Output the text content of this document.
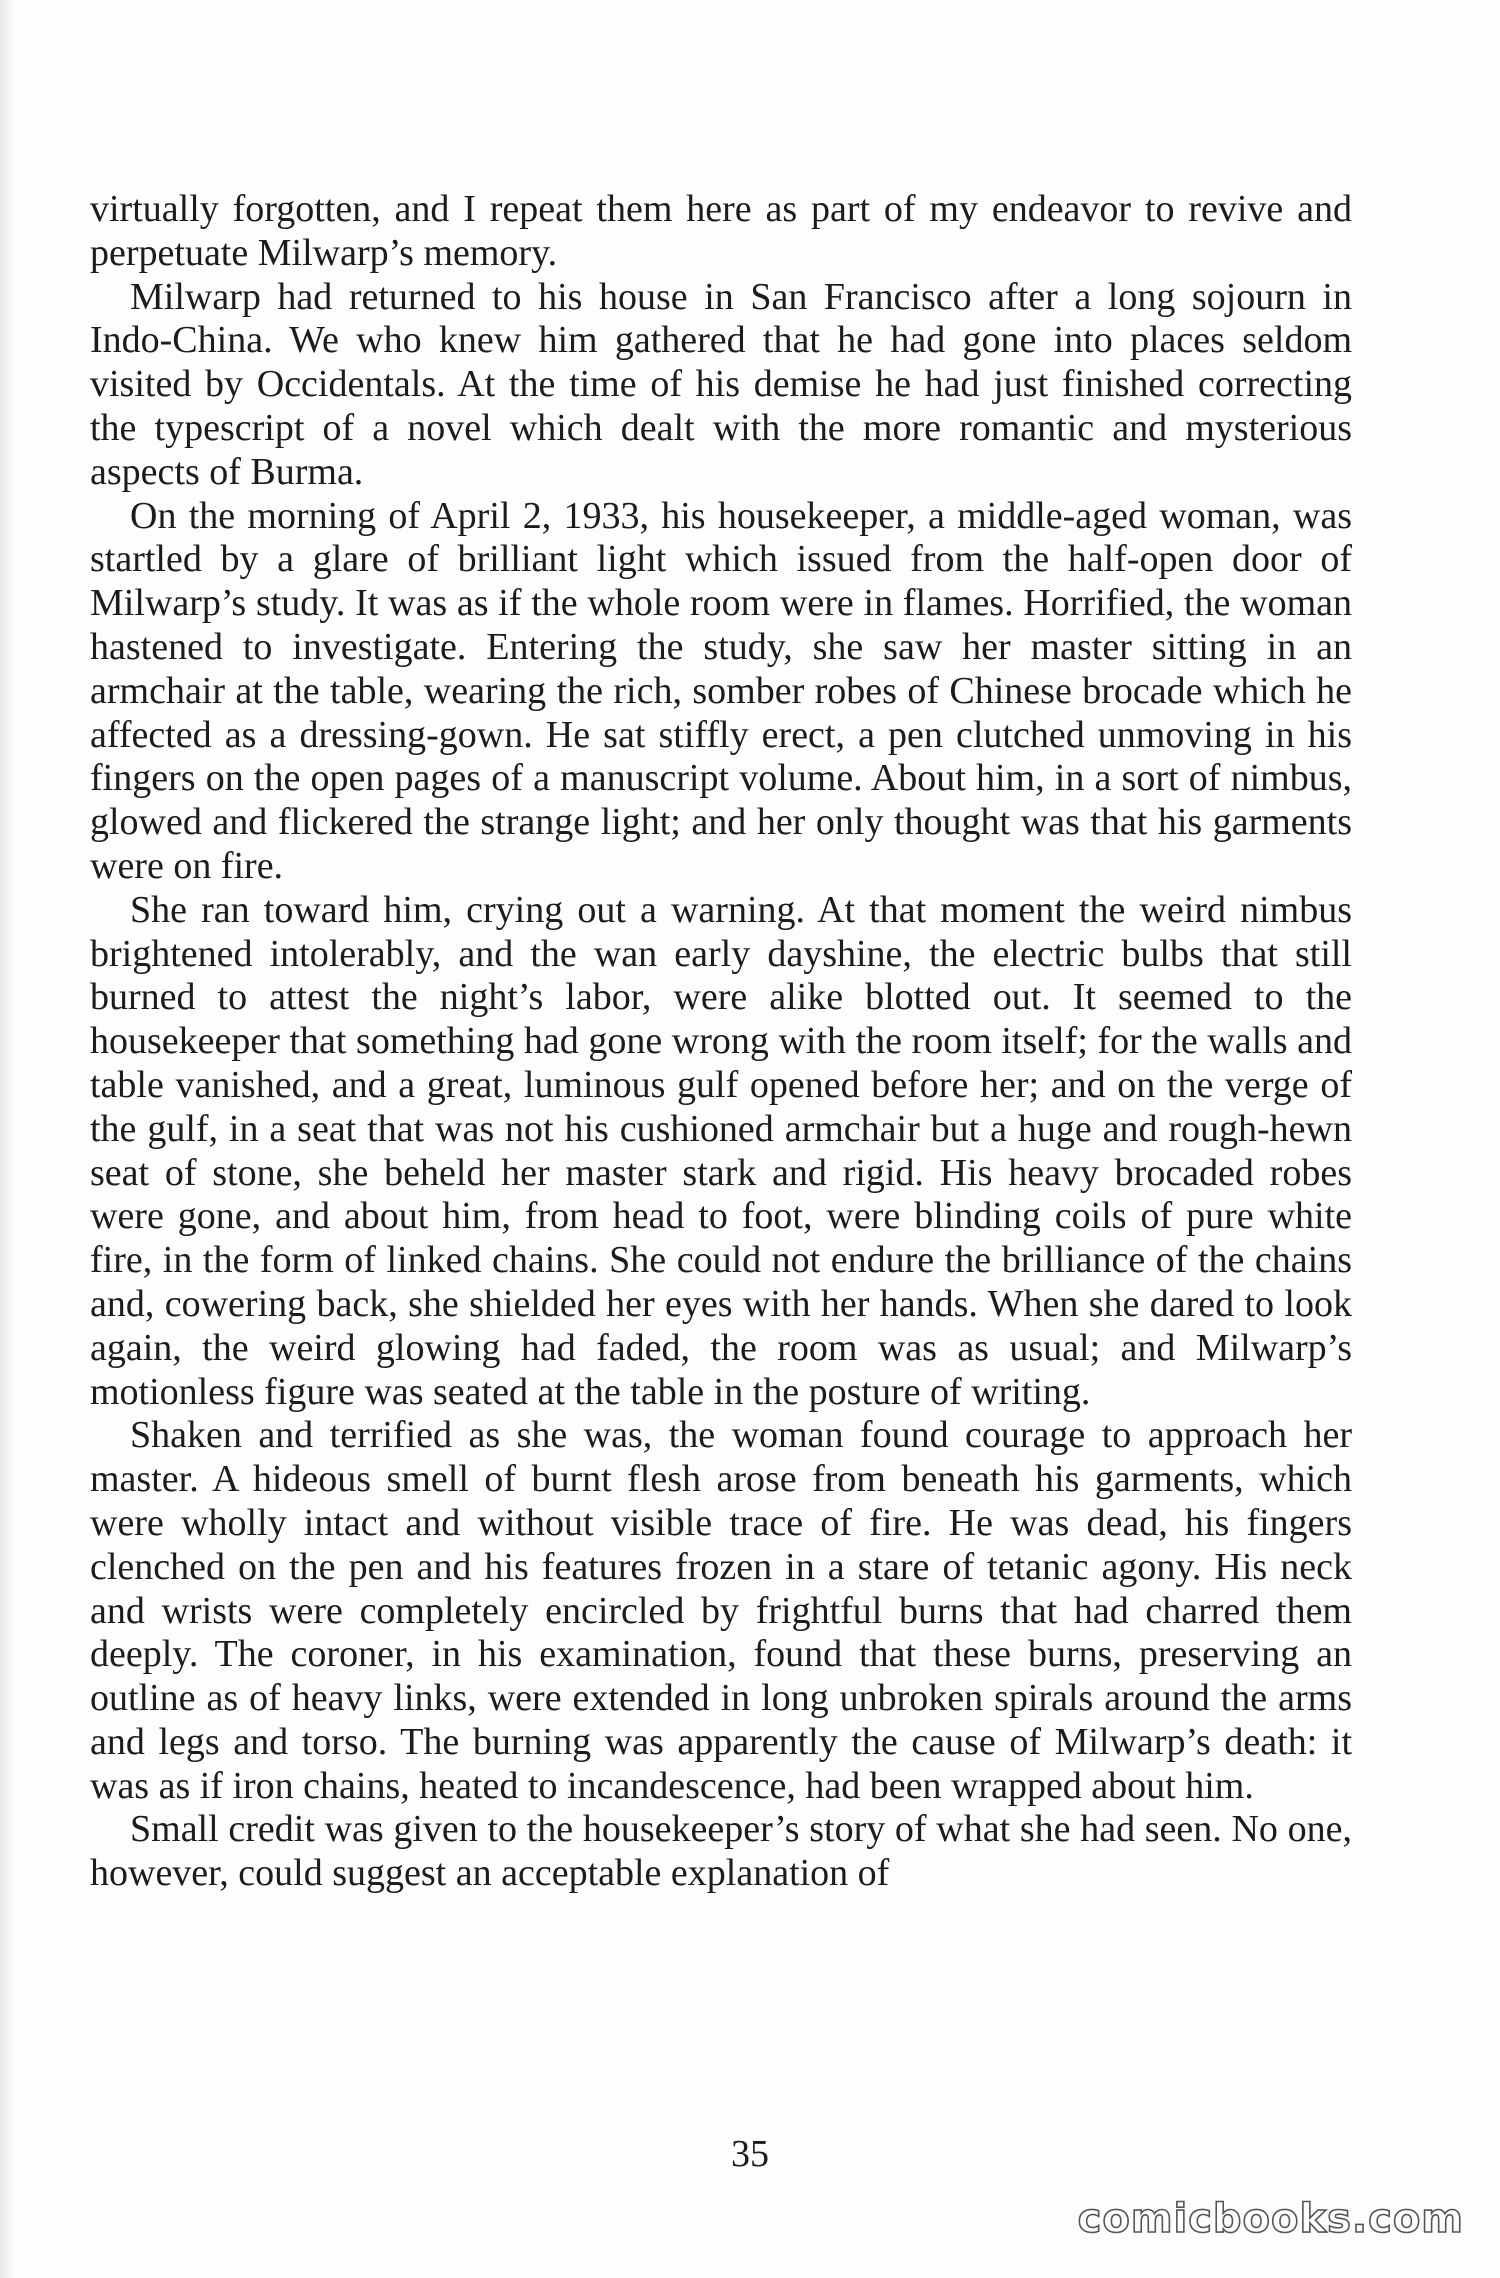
virtually forgotten, and I repeat them here as part of my endeavor to revive and perpetuate Milwarp’s memory.

Milwarp had returned to his house in San Francisco after a long sojourn in Indo-China. We who knew him gathered that he had gone into places seldom visited by Occidentals. At the time of his demise he had just finished correcting the typescript of a novel which dealt with the more romantic and mysterious aspects of Burma.

On the morning of April 2, 1933, his housekeeper, a middle-aged woman, was startled by a glare of brilliant light which issued from the half-open door of Milwarp’s study. It was as if the whole room were in flames. Horrified, the woman hastened to investigate. Entering the study, she saw her master sitting in an armchair at the table, wearing the rich, somber robes of Chinese brocade which he affected as a dressing-gown. He sat stiffly erect, a pen clutched unmoving in his fingers on the open pages of a manuscript volume. About him, in a sort of nimbus, glowed and flickered the strange light; and her only thought was that his garments were on fire.

She ran toward him, crying out a warning. At that moment the weird nimbus brightened intolerably, and the wan early dayshine, the electric bulbs that still burned to attest the night’s labor, were alike blotted out. It seemed to the housekeeper that something had gone wrong with the room itself; for the walls and table vanished, and a great, luminous gulf opened before her; and on the verge of the gulf, in a seat that was not his cushioned armchair but a huge and rough-hewn seat of stone, she beheld her master stark and rigid. His heavy brocaded robes were gone, and about him, from head to foot, were blinding coils of pure white fire, in the form of linked chains. She could not endure the brilliance of the chains and, cowering back, she shielded her eyes with her hands. When she dared to look again, the weird glowing had faded, the room was as usual; and Milwarp’s motionless figure was seated at the table in the posture of writing.

Shaken and terrified as she was, the woman found courage to approach her master. A hideous smell of burnt flesh arose from beneath his garments, which were wholly intact and without visible trace of fire. He was dead, his fingers clenched on the pen and his features frozen in a stare of tetanic agony. His neck and wrists were completely encircled by frightful burns that had charred them deeply. The coroner, in his examination, found that these burns, preserving an outline as of heavy links, were extended in long unbroken spirals around the arms and legs and torso. The burning was apparently the cause of Milwarp’s death: it was as if iron chains, heated to incandescence, had been wrapped about him.

Small credit was given to the housekeeper’s story of what she had seen. No one, however, could suggest an acceptable explanation of

35
comicbooks.com
